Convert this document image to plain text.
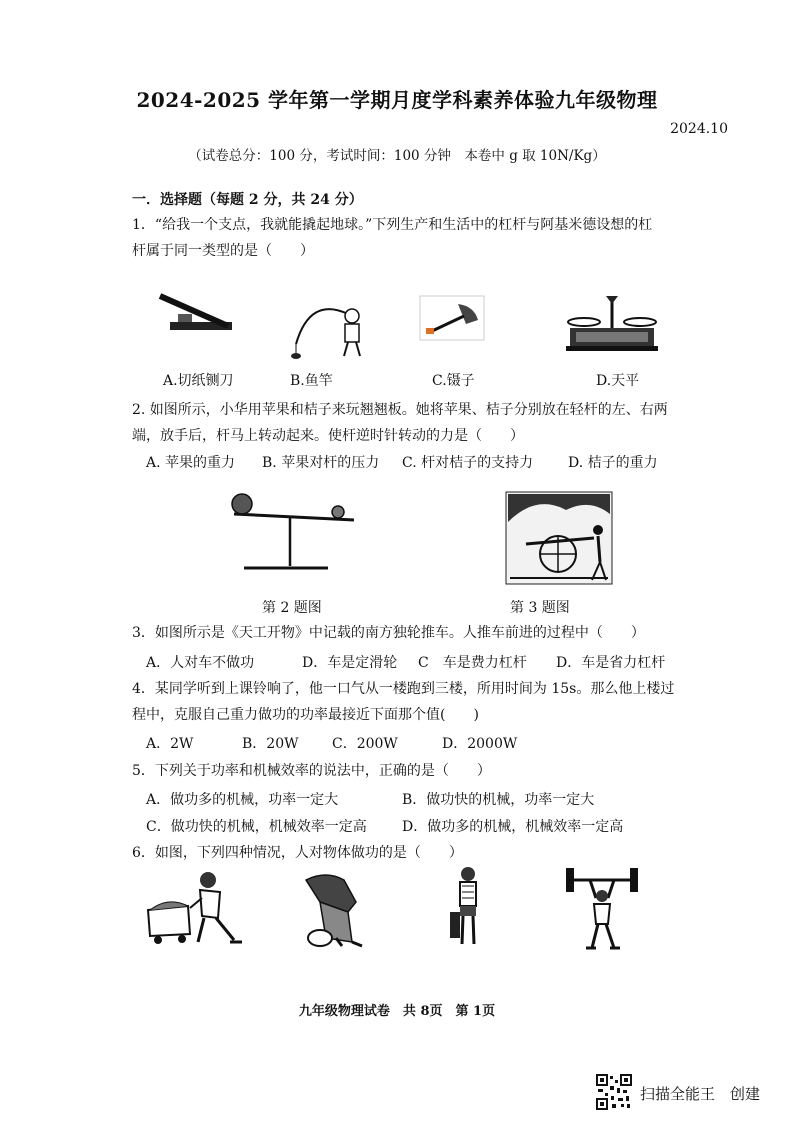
2024-2025 学年第一学期月度学科素养体验九年级物理
2024.10
（试卷总分：100 分，考试时间：100 分钟　本卷中 g 取 10N/Kg）
一．选择题（每题 2 分，共 24 分）
1．“给我一个支点，我就能撬起地球。”下列生产和生活中的杠杆与阿基米德设想的杠
杆属于同一类型的是（　　）
A.切纸铡刀	B.鱼竿	C.镊子	D.天平
2. 如图所示，小华用苹果和桔子来玩翘翘板。她将苹果、桔子分别放在轻杆的左、右两
端，放手后，杆马上转动起来。使杆逆时针转动的力是（　　）
A. 苹果的重力 B. 苹果对杆的压力 C. 杆对桔子的支持力 D. 桔子的重力
第 2 题图	第 3 题图
3．如图所示是《天工开物》中记载的南方独轮推车。人推车前进的过程中（　　）
A．人对车不做功	D．车是定滑轮 C　车是费力杠杆 D．车是省力杠杆
4．某同学听到上课铃响了，他一口气从一楼跑到三楼，所用时间为 15s。那么他上楼过
程中，克服自己重力做功的功率最接近下面那个值(　　)
A．2W	B．20W C．200W	D．2000W
5．下列关于功率和机械效率的说法中，正确的是（　　）
A．做功多的机械，功率一定大	B．做功快的机械，功率一定大
C．做功快的机械，机械效率一定高	D．做功多的机械，机械效率一定高
6．如图，下列四种情况，人对物体做功的是（　　）
九年级物理试卷　共 8页　第 1页
扫描全能王　创建
